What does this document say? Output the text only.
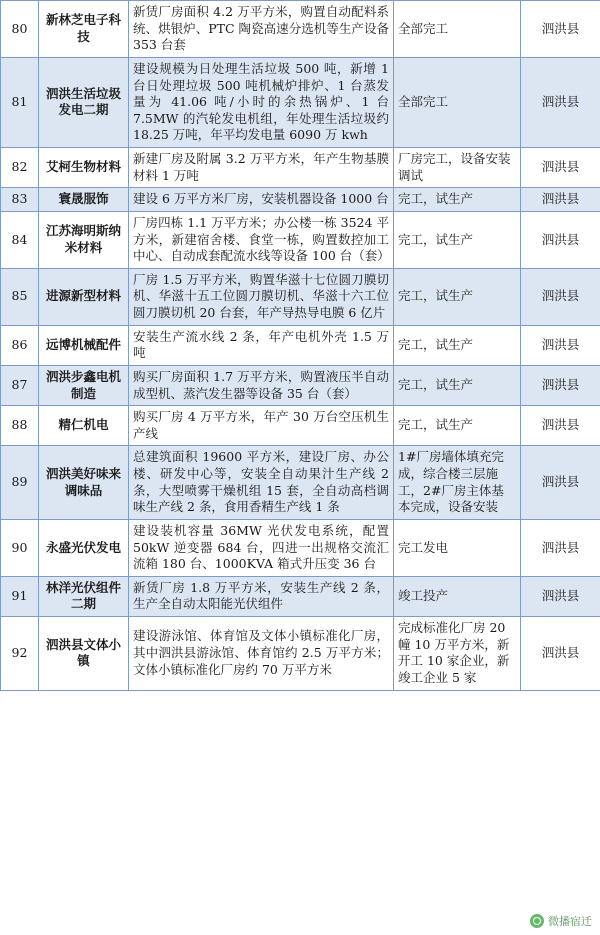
80	新林芝电子科技	新赁厂房面积 4.2 万平方米，购置自动配料系统、烘银炉、PTC 陶瓷高速分选机等生产设备 353 台套	全部完工	泗洪县
81	泗洪生活垃圾发电二期	建设规模为日处理生活垃圾 500 吨，新增 1 台日处理垃圾 500 吨机械炉排炉、1 台蒸发量为 41.06 吨/小时的余热锅炉、1 台 7.5MW 的汽轮发电机组，年处理生活垃圾约 18.25 万吨，年平均发电量 6090 万 kwh	全部完工	泗洪县
82	艾柯生物材料	新建厂房及附属 3.2 万平方米，年产生物基膜材料 1 万吨	厂房完工，设备安装调试	泗洪县
83	寰晟服饰	建设 6 万平方米厂房，安装机器设备 1000 台	完工，试生产	泗洪县
84	江苏海明斯纳米材料	厂房四栋 1.1 万平方米；办公楼一栋 3524 平方米，新建宿舍楼、食堂一栋，购置数控加工中心、自动成套配流水线等设备 100 台（套）	完工，试生产	泗洪县
85	进源新型材料	厂房 1.5 万平方米，购置华滋十七位圆刀膜切机、华滋十五工位圆刀膜切机、华滋十六工位圆刀膜切机 20 台套，年产导热导电膜 6 亿片	完工，试生产	泗洪县
86	远博机械配件	安装生产流水线 2 条，年产电机外壳 1.5 万吨	完工，试生产	泗洪县
87	泗洪步鑫电机制造	购买厂房面积 1.7 万平方米，购置液压半自动成型机、蒸汽发生器等设备 35 台（套）	完工，试生产	泗洪县
88	精仁机电	购买厂房 4 万平方米，年产 30 万台空压机生产线	完工，试生产	泗洪县
89	泗洪美好味来调味品	总建筑面积 19600 平方米，建设厂房、办公楼、研发中心等，安装全自动果汁生产线 2 条，大型喷雾干燥机组 15 套，全自动高档调味生产线 2 条，食用香精生产线 1 条	1#厂房墙体填充完成，综合楼三层施工，2#厂房主体基本完成，设备安装	泗洪县
90	永盛光伏发电	建设装机容量 36MW 光伏发电系统，配置 50kW 逆变器 684 台，四进一出规格交流汇流箱 180 台、1000KVA 箱式升压变 36 台	完工发电	泗洪县
91	林洋光伏组件二期	新赁厂房 1.8 万平方米，安装生产线 2 条，生产全自动太阳能光伏组件	竣工投产	泗洪县
92	泗洪县文体小镇	建设游泳馆、体育馆及文体小镇标准化厂房，其中泗洪县游泳馆、体育馆约 2.5 万平方米；文体小镇标准化厂房约 70 万平方米	完成标准化厂房 20 幢 10 万平方米，新开工 10 家企业，新竣工企业 5 家	泗洪县
微播宿迁
